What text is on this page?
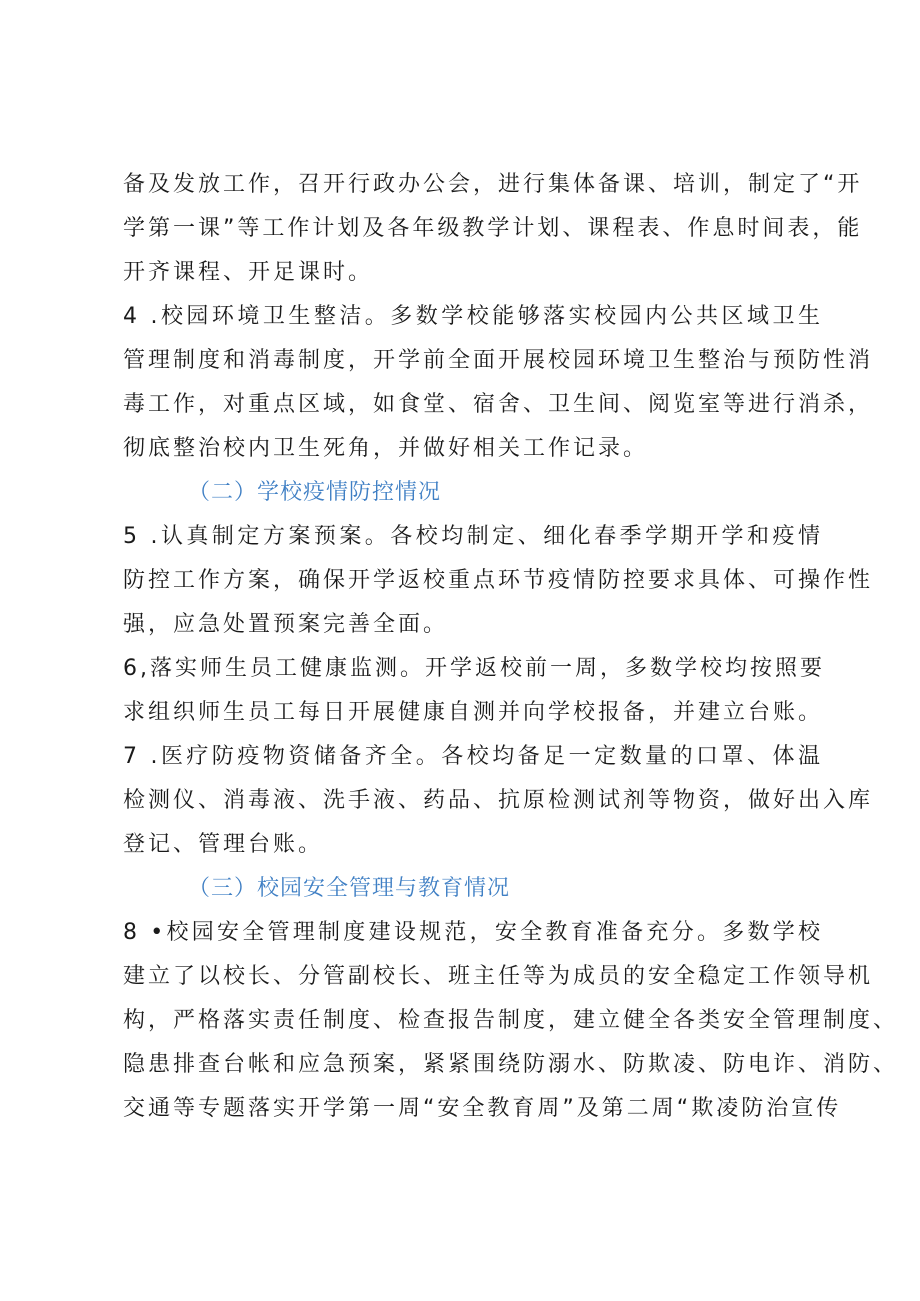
备及发放工作，召开行政办公会，进行集体备课、培训，制定了“开
学第一课”等工作计划及各年级教学计划、课程表、作息时间表，能
开齐课程、开足课时。
4 .校园环境卫生整洁。多数学校能够落实校园内公共区域卫生
管理制度和消毒制度，开学前全面开展校园环境卫生整治与预防性消
毒工作，对重点区域，如食堂、宿舍、卫生间、阅览室等进行消杀，
彻底整治校内卫生死角，并做好相关工作记录。
（二）学校疫情防控情况
5 .认真制定方案预案。各校均制定、细化春季学期开学和疫情
防控工作方案，确保开学返校重点环节疫情防控要求具体、可操作性
强，应急处置预案完善全面。
6,落实师生员工健康监测。开学返校前一周，多数学校均按照要
求组织师生员工每日开展健康自测并向学校报备，并建立台账。
7 .医疗防疫物资储备齐全。各校均备足一定数量的口罩、体温
检测仪、消毒液、洗手液、药品、抗原检测试剂等物资，做好出入库
登记、管理台账。
（三）校园安全管理与教育情况
8 •校园安全管理制度建设规范，安全教育准备充分。多数学校
建立了以校长、分管副校长、班主任等为成员的安全稳定工作领导机
构，严格落实责任制度、检查报告制度，建立健全各类安全管理制度、
隐患排查台帐和应急预案，紧紧围绕防溺水、防欺凌、防电诈、消防、
交通等专题落实开学第一周“安全教育周”及第二周“欺凌防治宣传
